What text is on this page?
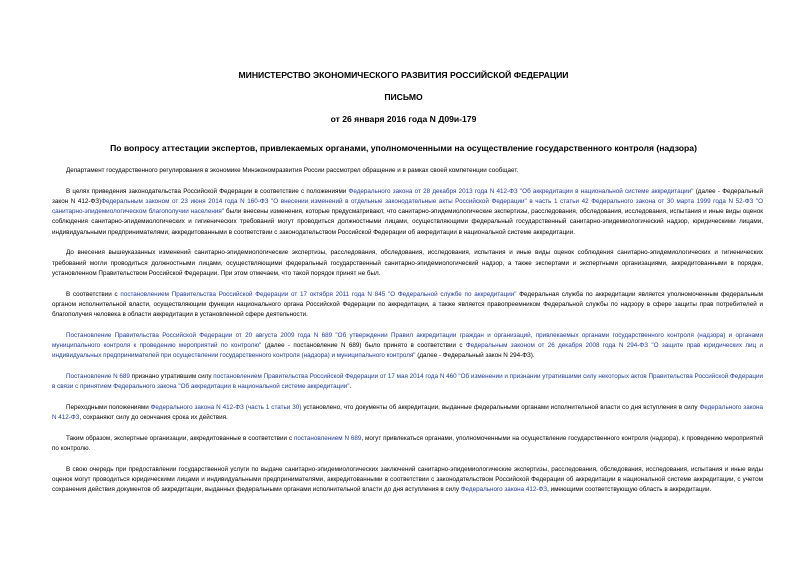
МИНИСТЕРСТВО ЭКОНОМИЧЕСКОГО РАЗВИТИЯ РОССИЙСКОЙ ФЕДЕРАЦИИ
ПИСЬМО
от 26 января 2016 года N Д09и-179
По вопросу аттестации экспертов, привлекаемых органами, уполномоченными на осуществление государственного контроля (надзора)

Департамент государственного регулирования в экономике Минэкономразвития России рассмотрел обращение и в рамках своей компетенции сообщает.

В целях приведения законодательства Российской Федерации в соответствие с положениями Федерального закона от 28 декабря 2013 года N 412-ФЗ "Об аккредитации в национальной системе аккредитации" (далее - Федеральный закон N 412-ФЗ)Федеральным законом от 23 июня 2014 года N 160-ФЗ "О внесении изменений в отдельные законодательные акты Российской Федерации" в часть 1 статьи 42 Федерального закона от 30 марта 1999 года N 52-ФЗ "О санитарно-эпидемиологическом благополучии населения" были внесены изменения, которые предусматривают, что санитарно-эпидемиологические экспертизы, расследования, обследования, исследования, испытания и иные виды оценок соблюдения санитарно-эпидемиологических и гигиенических требований могут проводиться должностными лицами, осуществляющими федеральный государственный санитарно-эпидемиологический надзор, юридическими лицами, индивидуальными предпринимателями, аккредитованными в соответствии с законодательством Российской Федерации об аккредитации в национальной системе аккредитации.

До внесения вышеуказанных изменений санитарно-эпидемиологические экспертизы, расследования, обследования, исследования, испытания и иные виды оценок соблюдения санитарно-эпидемиологических и гигиенических требований могли проводиться должностными лицами, осуществляющими федеральный государственный санитарно-эпидемиологический надзор, а также экспертами и экспертными организациями, аккредитованными в порядке, установленном Правительством Российской Федерации. При этом отмечаем, что такой порядок принят не был.

В соответствии с постановлением Правительства Российской Федерации от 17 октября 2011 года N 845 "О Федеральной службе по аккредитации" Федеральная служба по аккредитации является уполномоченным федеральным органом исполнительной власти, осуществляющим функции национального органа Российской Федерации по аккредитации, а также является правопреемником Федеральной службы по надзору в сфере защиты прав потребителей и благополучия человека в области аккредитации в установленной сфере деятельности.

Постановление Правительства Российской Федерации от 20 августа 2009 года N 689 "Об утверждении Правил аккредитации граждан и организаций, привлекаемых органами государственного контроля (надзора) и органами муниципального контроля к проведению мероприятий по контролю" (далее - постановление N 689) было принято в соответствии с Федеральным законом от 26 декабря 2008 года N 294-ФЗ "О защите прав юридических лиц и индивидуальных предпринимателей при осуществлении государственного контроля (надзора) и муниципального контроля" (далее - Федеральный закон N 294-ФЗ).

Постановление N 689 признано утратившим силу постановлением Правительства Российской Федерации от 17 мая 2014 года N 460 "Об изменении и признании утратившими силу некоторых актов Правительства Российской Федерации в связи с принятием Федерального закона "Об аккредитации в национальной системе аккредитации".

Переходными положениями Федерального закона N 412-ФЗ (часть 1 статьи 30) установлено, что документы об аккредитации, выданные федеральными органами исполнительной власти со дня вступления в силу Федерального закона N 412-ФЗ, сохраняют силу до окончания срока их действия.

Таким образом, экспертные организации, аккредитованные в соответствии с постановлением N 689, могут привлекаться органами, уполномоченными на осуществление государственного контроля (надзора), к проведению мероприятий по контролю.

В свою очередь при предоставлении государственной услуги по выдаче санитарно-эпидемиологических заключений санитарно-эпидемиологические экспертизы, расследования, обследования, исследования, испытания и иные виды оценок могут проводиться юридическими лицами и индивидуальными предпринимателями, аккредитованными в соответствии с законодательством Российской Федерации об аккредитации в национальной системе аккредитации, с учетом сохранения действия документов об аккредитации, выданных федеральными органами исполнительной власти до дня вступления в силу Федерального закона 412-ФЗ, имеющими соответствующую область в аккредитации.
